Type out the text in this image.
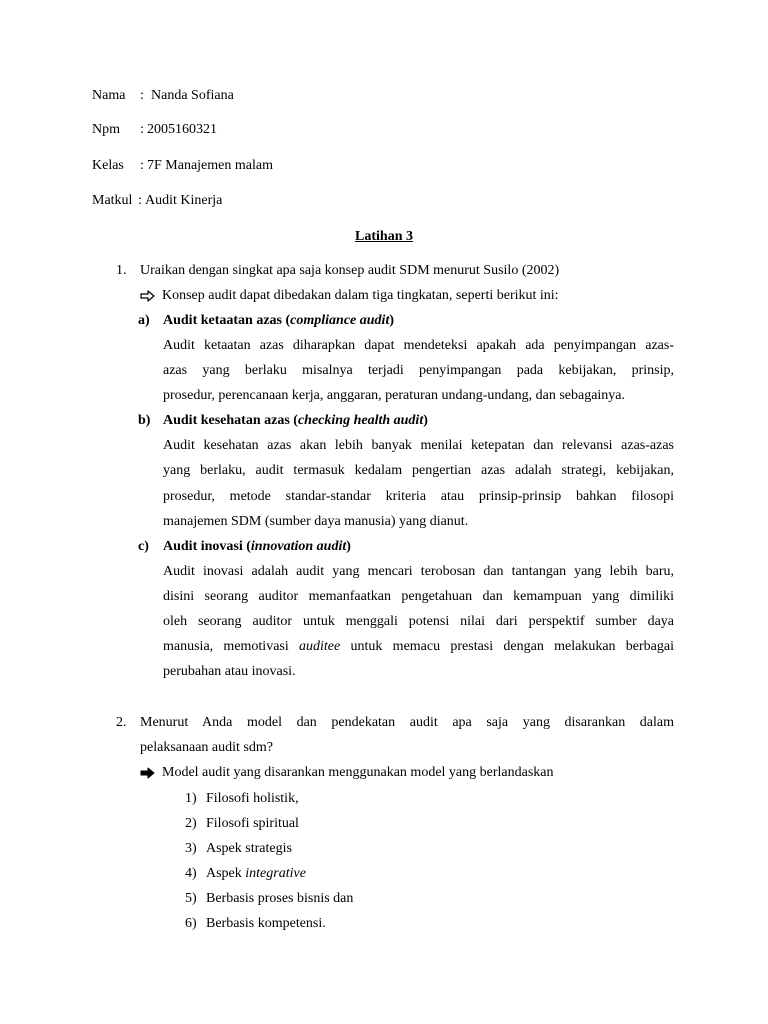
Nama : Nanda Sofiana
Npm : 2005160321
Kelas : 7F Manajemen malam
Matkul : Audit Kinerja
Latihan 3
1. Uraikan dengan singkat apa saja konsep audit SDM menurut Susilo (2002)
Konsep audit dapat dibedakan dalam tiga tingkatan, seperti berikut ini:
a) Audit ketaatan azas (compliance audit)
Audit ketaatan azas diharapkan dapat mendeteksi apakah ada penyimpangan azas-
azas yang berlaku misalnya terjadi penyimpangan pada kebijakan, prinsip,
prosedur, perencanaan kerja, anggaran, peraturan undang-undang, dan sebagainya.
b) Audit kesehatan azas (checking health audit)
Audit kesehatan azas akan lebih banyak menilai ketepatan dan relevansi azas-azas
yang berlaku, audit termasuk kedalam pengertian azas adalah strategi, kebijakan,
prosedur, metode standar-standar kriteria atau prinsip-prinsip bahkan filosopi
manajemen SDM (sumber daya manusia) yang dianut.
c) Audit inovasi (innovation audit)
Audit inovasi adalah audit yang mencari terobosan dan tantangan yang lebih baru,
disini seorang auditor memanfaatkan pengetahuan dan kemampuan yang dimiliki
oleh seorang auditor untuk menggali potensi nilai dari perspektif sumber daya
manusia, memotivasi auditee untuk memacu prestasi dengan melakukan berbagai
perubahan atau inovasi.
2. Menurut Anda model dan pendekatan audit apa saja yang disarankan dalam
pelaksanaan audit sdm?
Model audit yang disarankan menggunakan model yang berlandaskan
1) Filosofi holistik,
2) Filosofi spiritual
3) Aspek strategis
4) Aspek integrative
5) Berbasis proses bisnis dan
6) Berbasis kompetensi.
